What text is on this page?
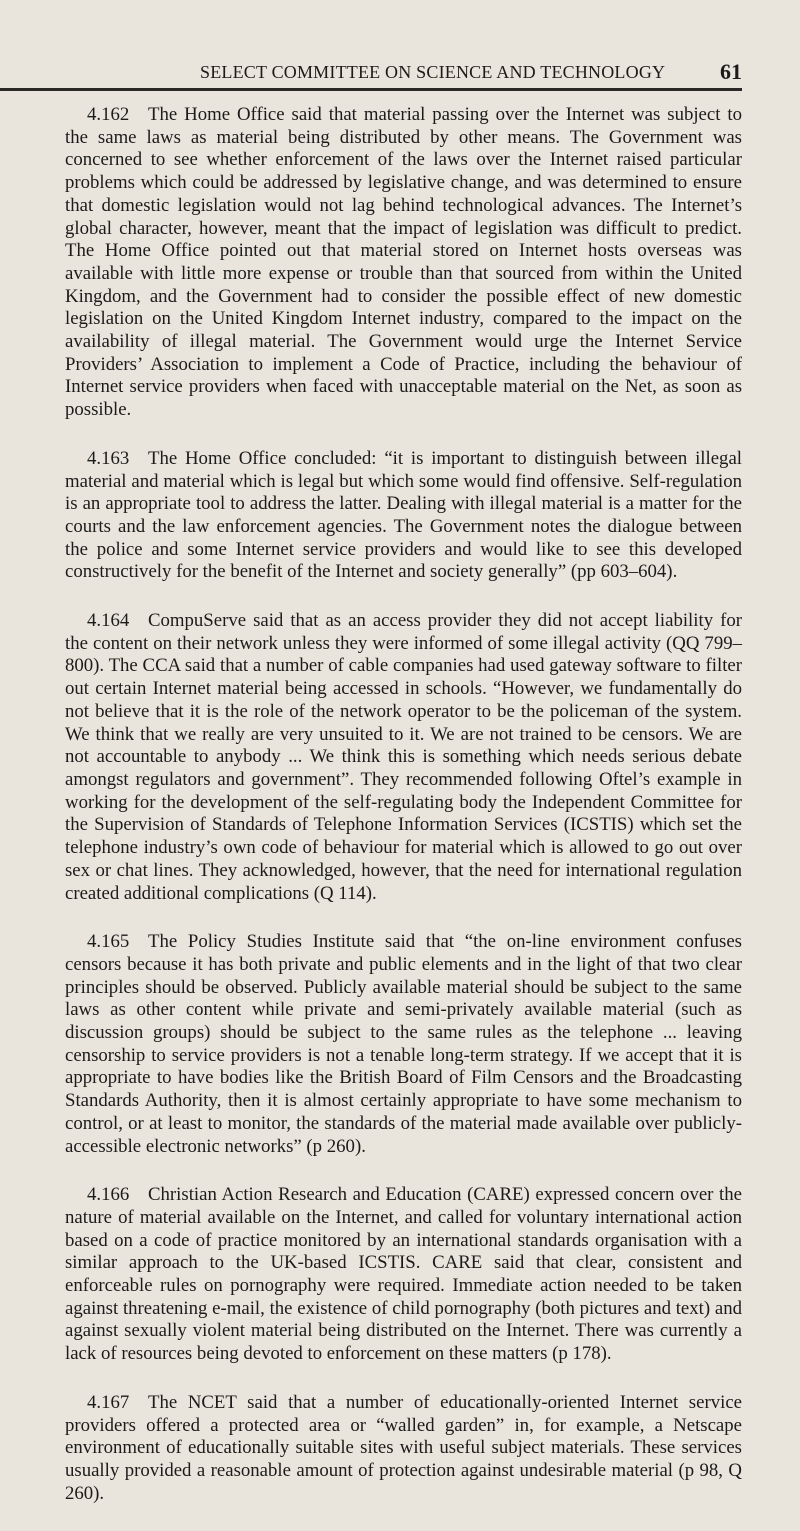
SELECT COMMITTEE ON SCIENCE AND TECHNOLOGY 61

4.162 The Home Office said that material passing over the Internet was subject to the same laws as material being distributed by other means. The Government was concerned to see whether enforcement of the laws over the Internet raised particular problems which could be addressed by legislative change, and was determined to ensure that domestic legislation would not lag behind technological advances. The Internet’s global character, however, meant that the impact of legislation was difficult to predict. The Home Office pointed out that material stored on Internet hosts overseas was available with little more expense or trouble than that sourced from within the United Kingdom, and the Government had to consider the possible effect of new domestic legislation on the United Kingdom Internet industry, compared to the impact on the availability of illegal material. The Government would urge the Internet Service Providers’ Association to implement a Code of Practice, including the behaviour of Internet service providers when faced with unacceptable material on the Net, as soon as possible.

4.163 The Home Office concluded: “it is important to distinguish between illegal material and material which is legal but which some would find offensive. Self-regulation is an appropriate tool to address the latter. Dealing with illegal material is a matter for the courts and the law enforcement agencies. The Government notes the dialogue between the police and some Internet service providers and would like to see this developed constructively for the benefit of the Internet and society generally” (pp 603–604).

4.164 CompuServe said that as an access provider they did not accept liability for the content on their network unless they were informed of some illegal activity (QQ 799–800). The CCA said that a number of cable companies had used gateway software to filter out certain Internet material being accessed in schools. “However, we fundamentally do not believe that it is the role of the network operator to be the policeman of the system. We think that we really are very unsuited to it. We are not trained to be censors. We are not accountable to anybody ... We think this is something which needs serious debate amongst regulators and government”. They recommended following Oftel’s example in working for the development of the self-regulating body the Independent Committee for the Supervision of Standards of Telephone Information Services (ICSTIS) which set the telephone industry’s own code of behaviour for material which is allowed to go out over sex or chat lines. They acknowledged, however, that the need for international regulation created additional complications (Q 114).

4.165 The Policy Studies Institute said that “the on-line environment confuses censors because it has both private and public elements and in the light of that two clear principles should be observed. Publicly available material should be subject to the same laws as other content while private and semi-privately available material (such as discussion groups) should be subject to the same rules as the telephone ... leaving censorship to service providers is not a tenable long-term strategy. If we accept that it is appropriate to have bodies like the British Board of Film Censors and the Broadcasting Standards Authority, then it is almost certainly appropriate to have some mechanism to control, or at least to monitor, the standards of the material made available over publicly-accessible electronic networks” (p 260).

4.166 Christian Action Research and Education (CARE) expressed concern over the nature of material available on the Internet, and called for voluntary international action based on a code of practice monitored by an international standards organisation with a similar approach to the UK-based ICSTIS. CARE said that clear, consistent and enforceable rules on pornography were required. Immediate action needed to be taken against threatening e-mail, the existence of child pornography (both pictures and text) and against sexually violent material being distributed on the Internet. There was currently a lack of resources being devoted to enforcement on these matters (p 178).

4.167 The NCET said that a number of educationally-oriented Internet service providers offered a protected area or “walled garden” in, for example, a Netscape environment of educationally suitable sites with useful subject materials. These services usually provided a reasonable amount of protection against undesirable material (p 98, Q 260).
